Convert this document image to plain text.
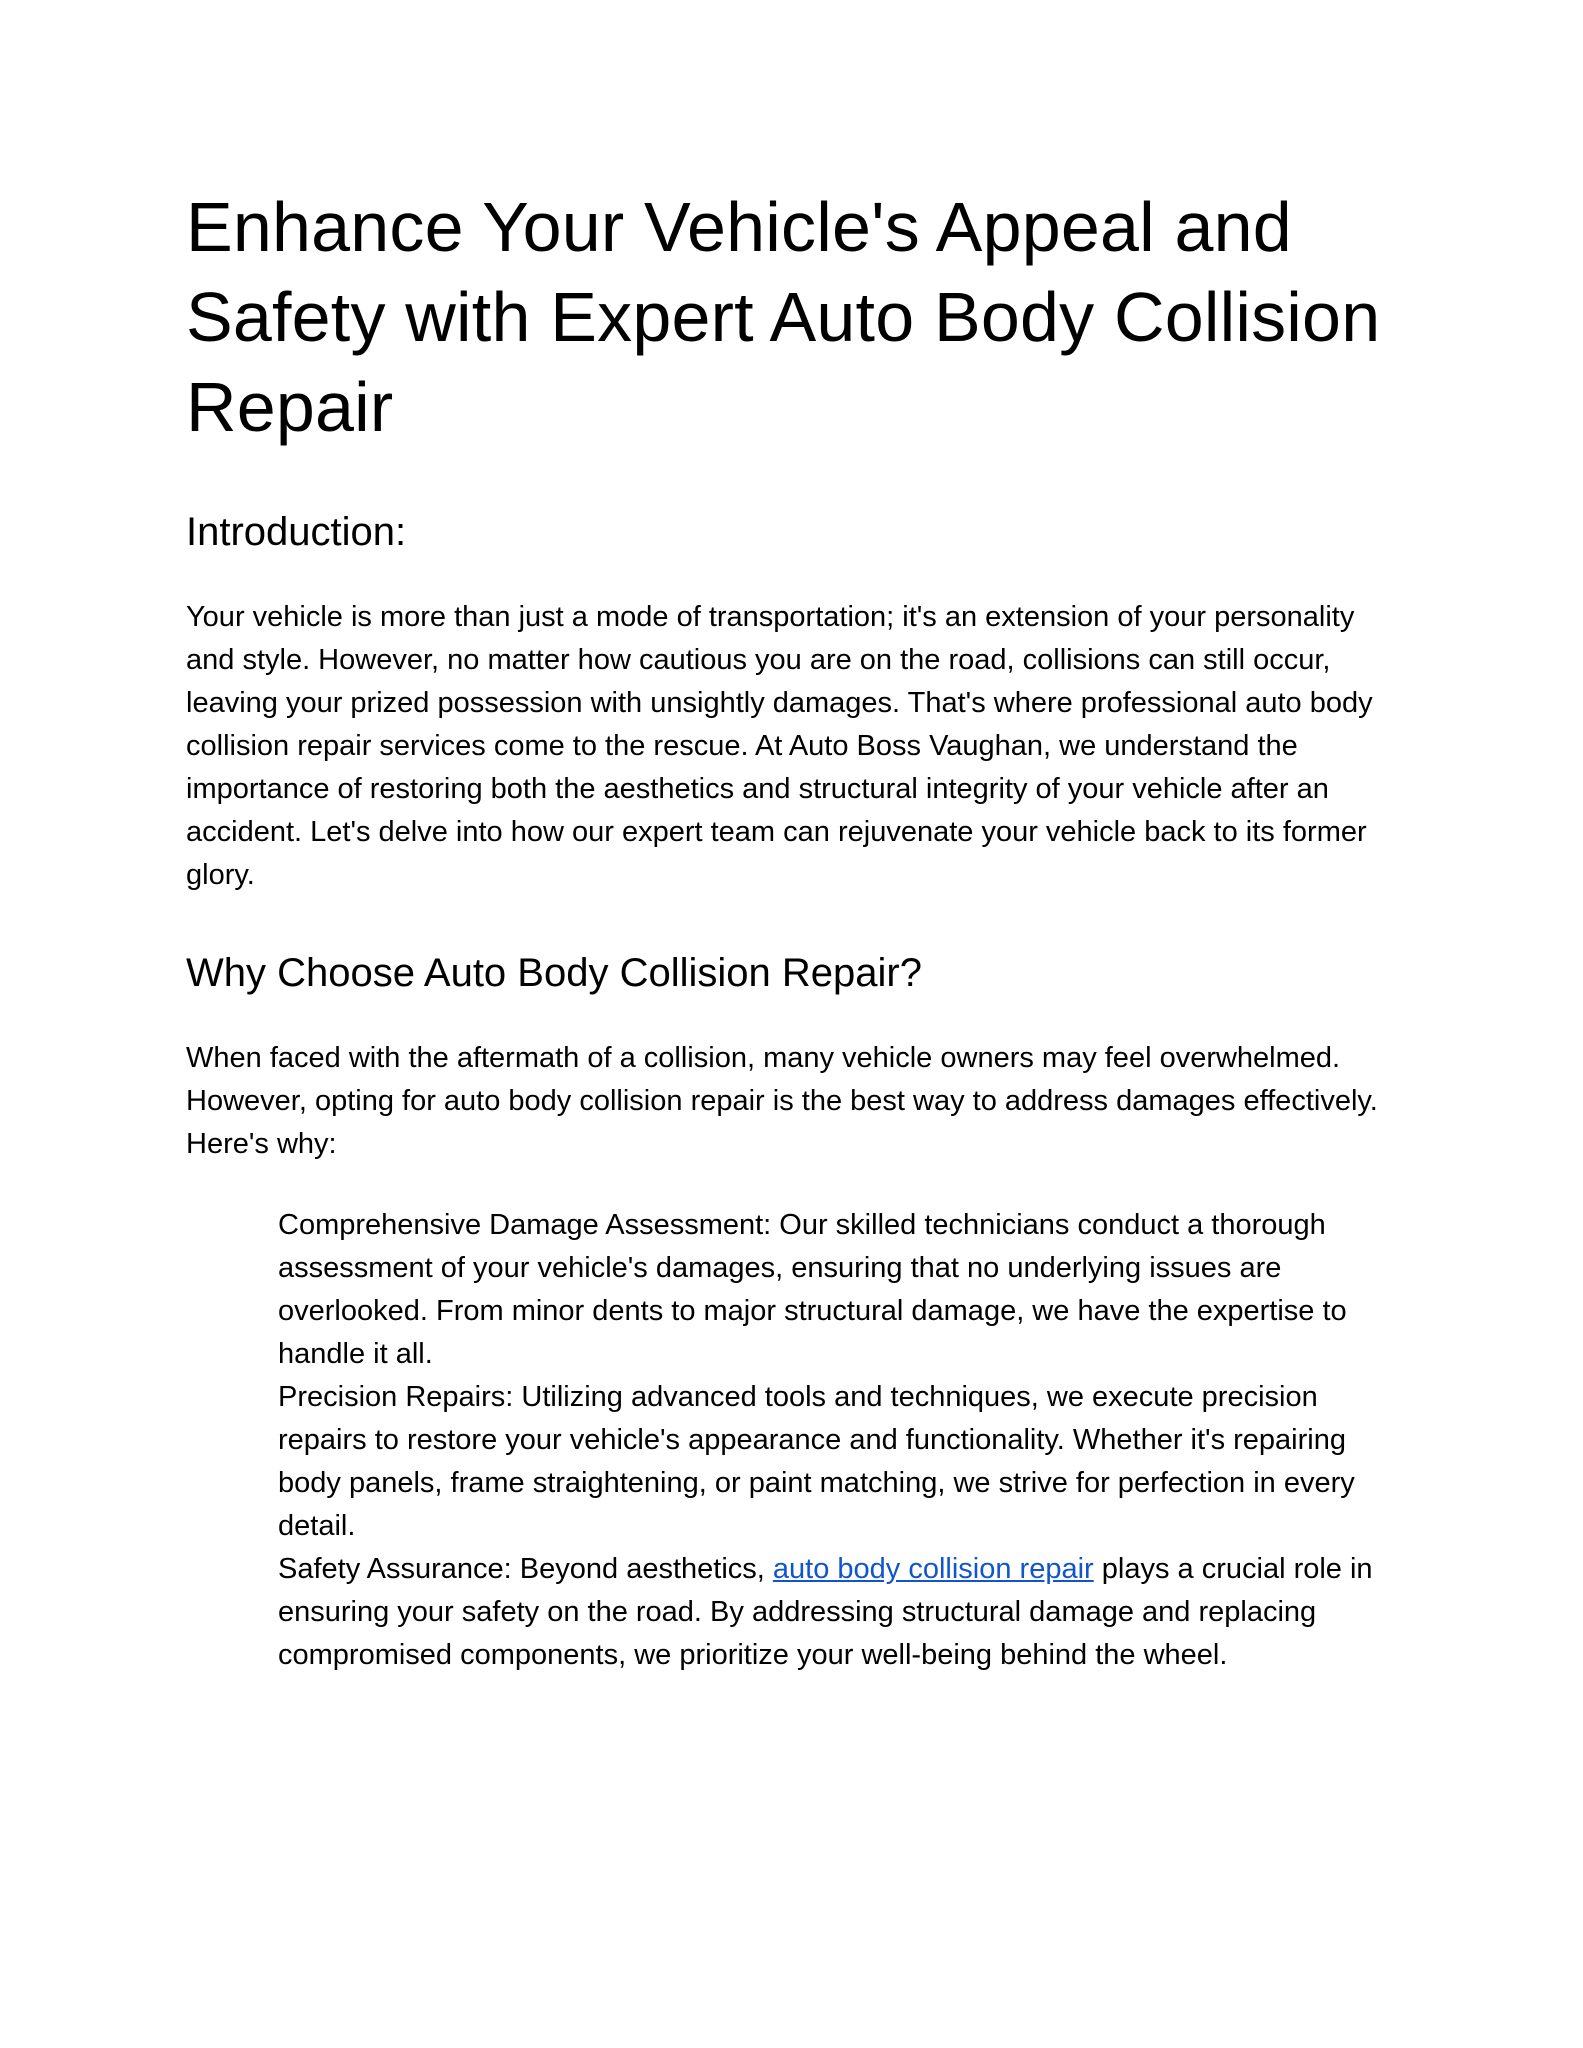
Enhance Your Vehicle's Appeal and Safety with Expert Auto Body Collision Repair
Introduction:

Your vehicle is more than just a mode of transportation; it's an extension of your personality and style. However, no matter how cautious you are on the road, collisions can still occur, leaving your prized possession with unsightly damages. That's where professional auto body collision repair services come to the rescue. At Auto Boss Vaughan, we understand the importance of restoring both the aesthetics and structural integrity of your vehicle after an accident. Let's delve into how our expert team can rejuvenate your vehicle back to its former glory.

Why Choose Auto Body Collision Repair?

When faced with the aftermath of a collision, many vehicle owners may feel overwhelmed. However, opting for auto body collision repair is the best way to address damages effectively. Here's why:

Comprehensive Damage Assessment: Our skilled technicians conduct a thorough assessment of your vehicle's damages, ensuring that no underlying issues are overlooked. From minor dents to major structural damage, we have the expertise to handle it all.
Precision Repairs: Utilizing advanced tools and techniques, we execute precision repairs to restore your vehicle's appearance and functionality. Whether it's repairing body panels, frame straightening, or paint matching, we strive for perfection in every detail.
Safety Assurance: Beyond aesthetics, auto body collision repair plays a crucial role in ensuring your safety on the road. By addressing structural damage and replacing compromised components, we prioritize your well-being behind the wheel.
